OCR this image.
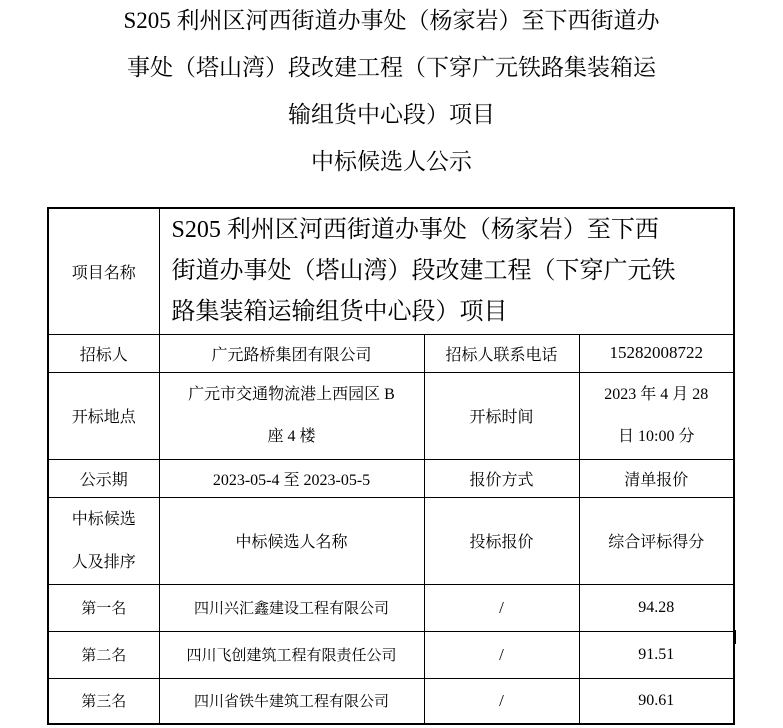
S205 利州区河西街道办事处（杨家岩）至下西街道办
事处（塔山湾）段改建工程（下穿广元铁路集装箱运
输组货中心段）项目
中标候选人公示
项目名称	S205 利州区河西街道办事处（杨家岩）至下西街道办事处（塔山湾）段改建工程（下穿广元铁路集装箱运输组货中心段）项目		
招标人	广元路桥集团有限公司	招标人联系电话	15282008722
开标地点	广元市交通物流港上西园区 B 座 4 楼	开标时间	2023 年 4 月 28 日 10:00 分
公示期	2023-05-4 至 2023-05-5	报价方式	清单报价
中标候选人及排序	中标候选人名称	投标报价	综合评标得分
第一名	四川兴汇鑫建设工程有限公司	/	94.28
第二名	四川飞创建筑工程有限责任公司	/	91.51
第三名	四川省铁牛建筑工程有限公司	/	90.61
